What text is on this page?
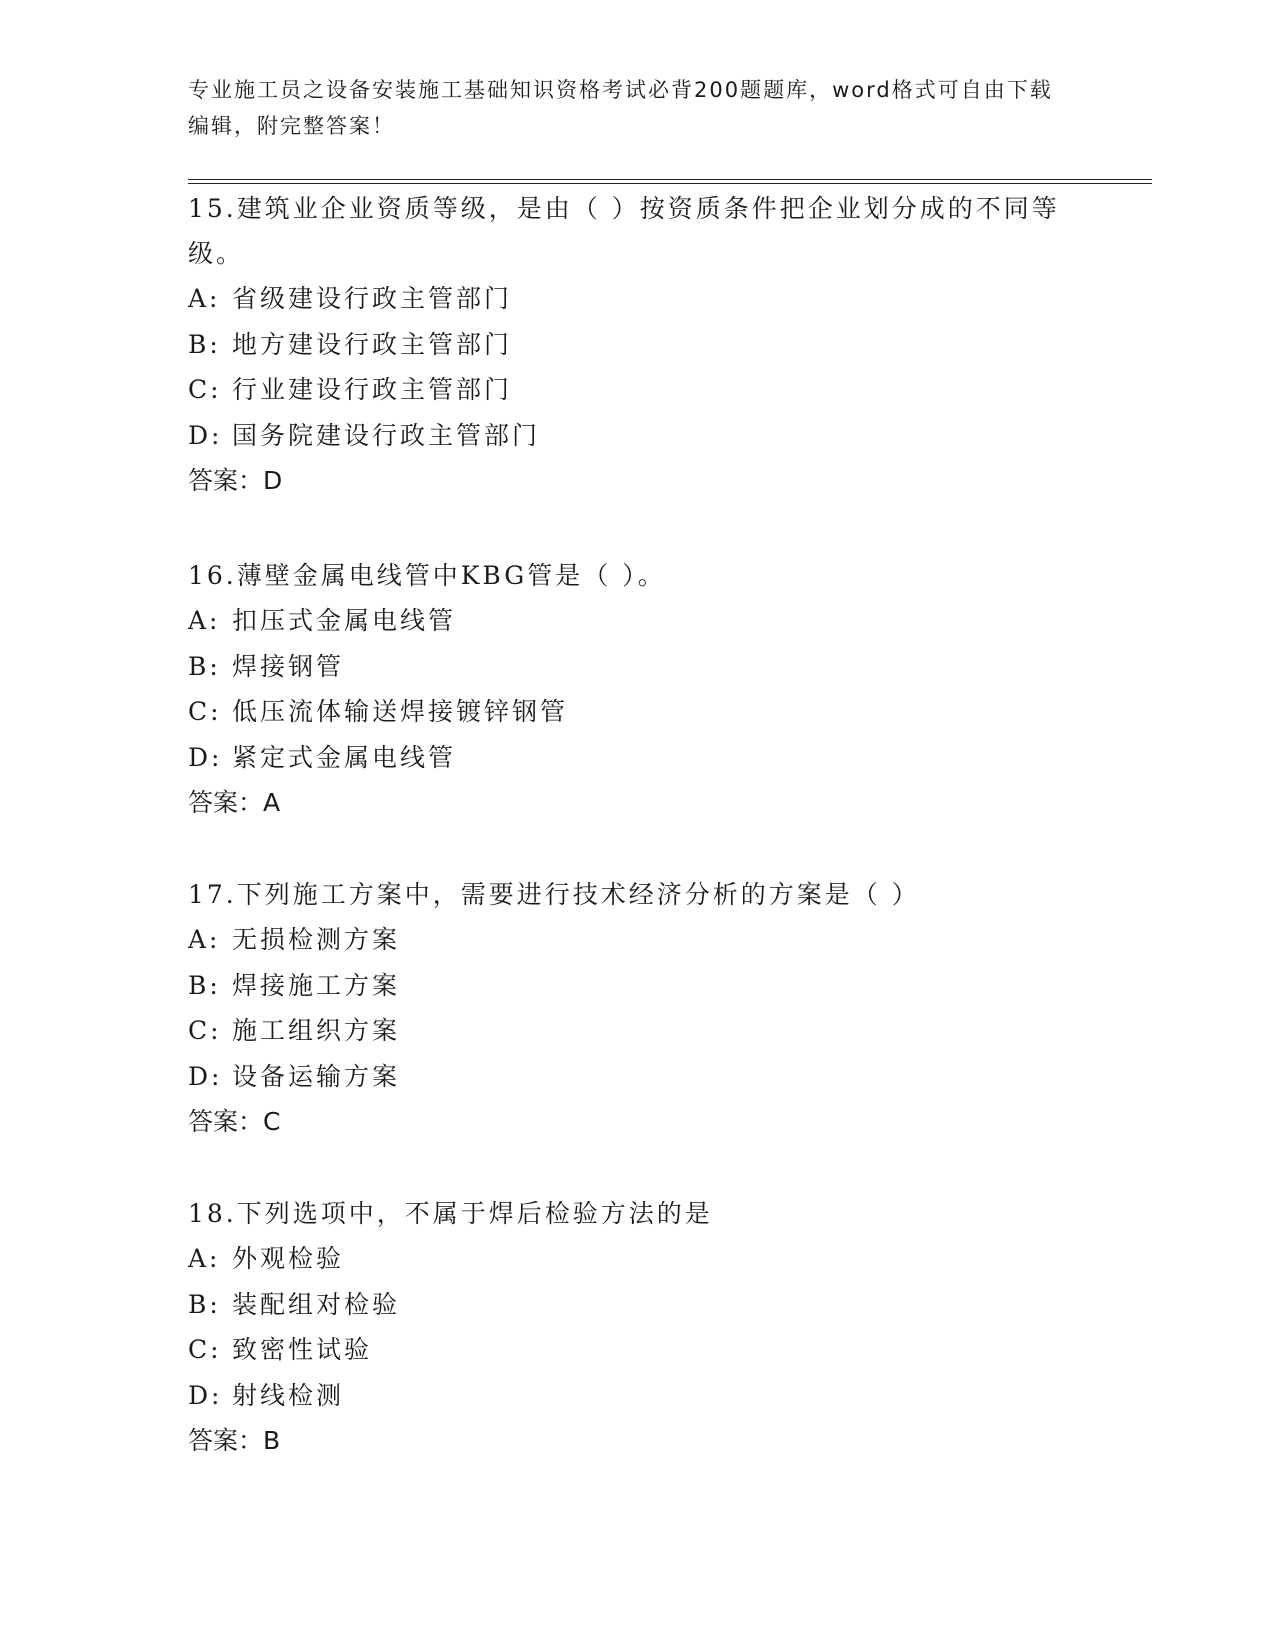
专业施工员之设备安装施工基础知识资格考试必背200题题库，word格式可自由下载编辑，附完整答案！

15.建筑业企业资质等级，是由（ ）按资质条件把企业划分成的不同等级。

A: 省级建设行政主管部门

B: 地方建设行政主管部门

C: 行业建设行政主管部门

D: 国务院建设行政主管部门

答案：D

16.薄壁金属电线管中KBG管是（ ）。

A: 扣压式金属电线管

B: 焊接钢管

C: 低压流体输送焊接镀锌钢管

D: 紧定式金属电线管

答案：A

17.下列施工方案中，需要进行技术经济分析的方案是（ ）

A: 无损检测方案

B: 焊接施工方案

C: 施工组织方案

D: 设备运输方案

答案：C

18.下列选项中，不属于焊后检验方法的是

A: 外观检验

B: 装配组对检验

C: 致密性试验

D: 射线检测

答案：B
